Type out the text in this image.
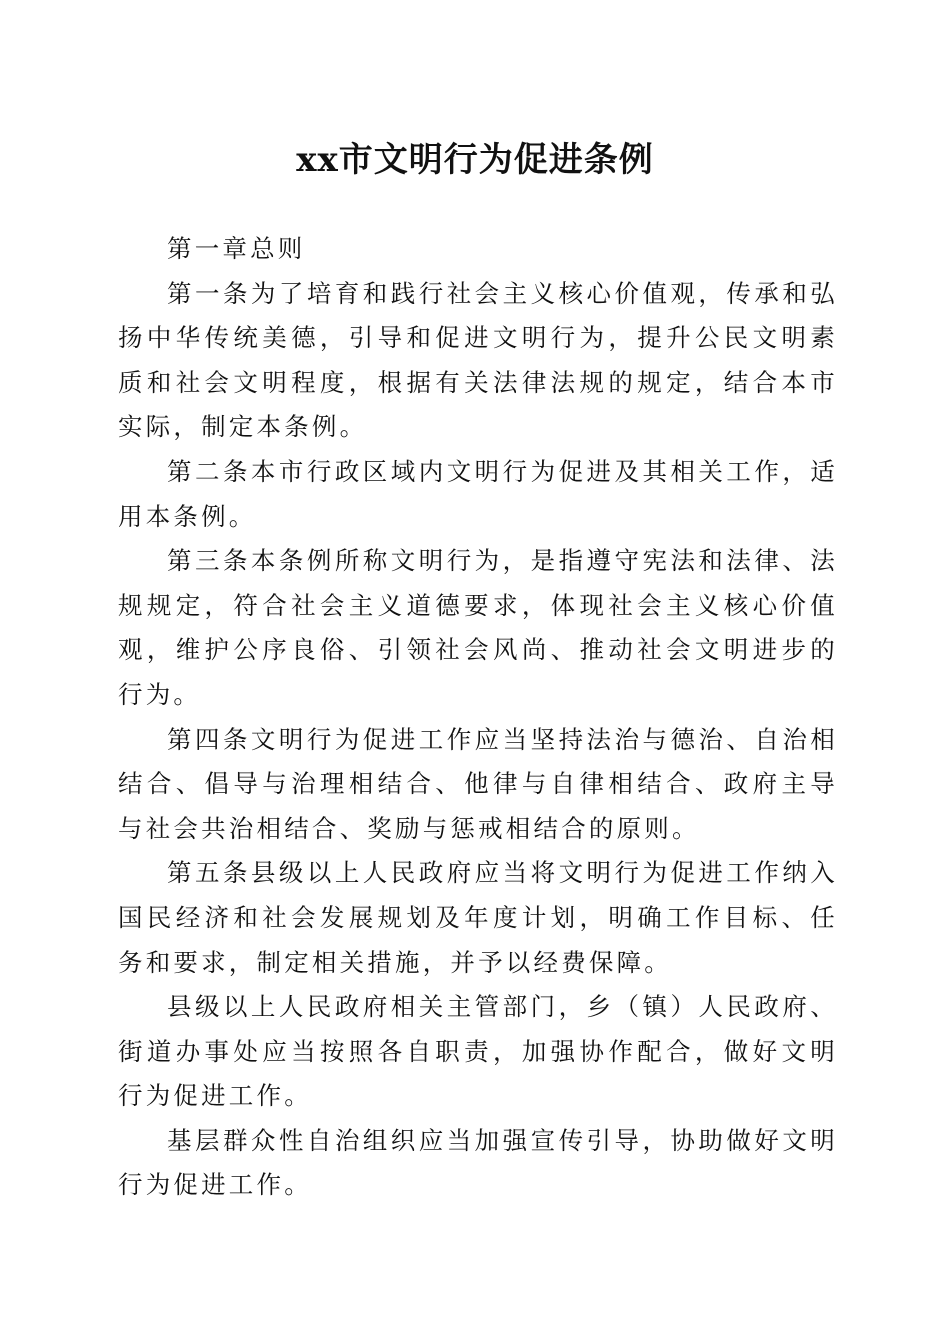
xx市文明行为促进条例

第一章总则

第一条为了培育和践行社会主义核心价值观，传承和弘扬中华传统美德，引导和促进文明行为，提升公民文明素质和社会文明程度，根据有关法律法规的规定，结合本市实际，制定本条例。

第二条本市行政区域内文明行为促进及其相关工作，适用本条例。

第三条本条例所称文明行为，是指遵守宪法和法律、法规规定，符合社会主义道德要求，体现社会主义核心价值观，维护公序良俗、引领社会风尚、推动社会文明进步的行为。

第四条文明行为促进工作应当坚持法治与德治、自治相结合、倡导与治理相结合、他律与自律相结合、政府主导与社会共治相结合、奖励与惩戒相结合的原则。

第五条县级以上人民政府应当将文明行为促进工作纳入国民经济和社会发展规划及年度计划，明确工作目标、任务和要求，制定相关措施，并予以经费保障。

县级以上人民政府相关主管部门，乡（镇）人民政府、街道办事处应当按照各自职责，加强协作配合，做好文明行为促进工作。

基层群众性自治组织应当加强宣传引导，协助做好文明行为促进工作。
